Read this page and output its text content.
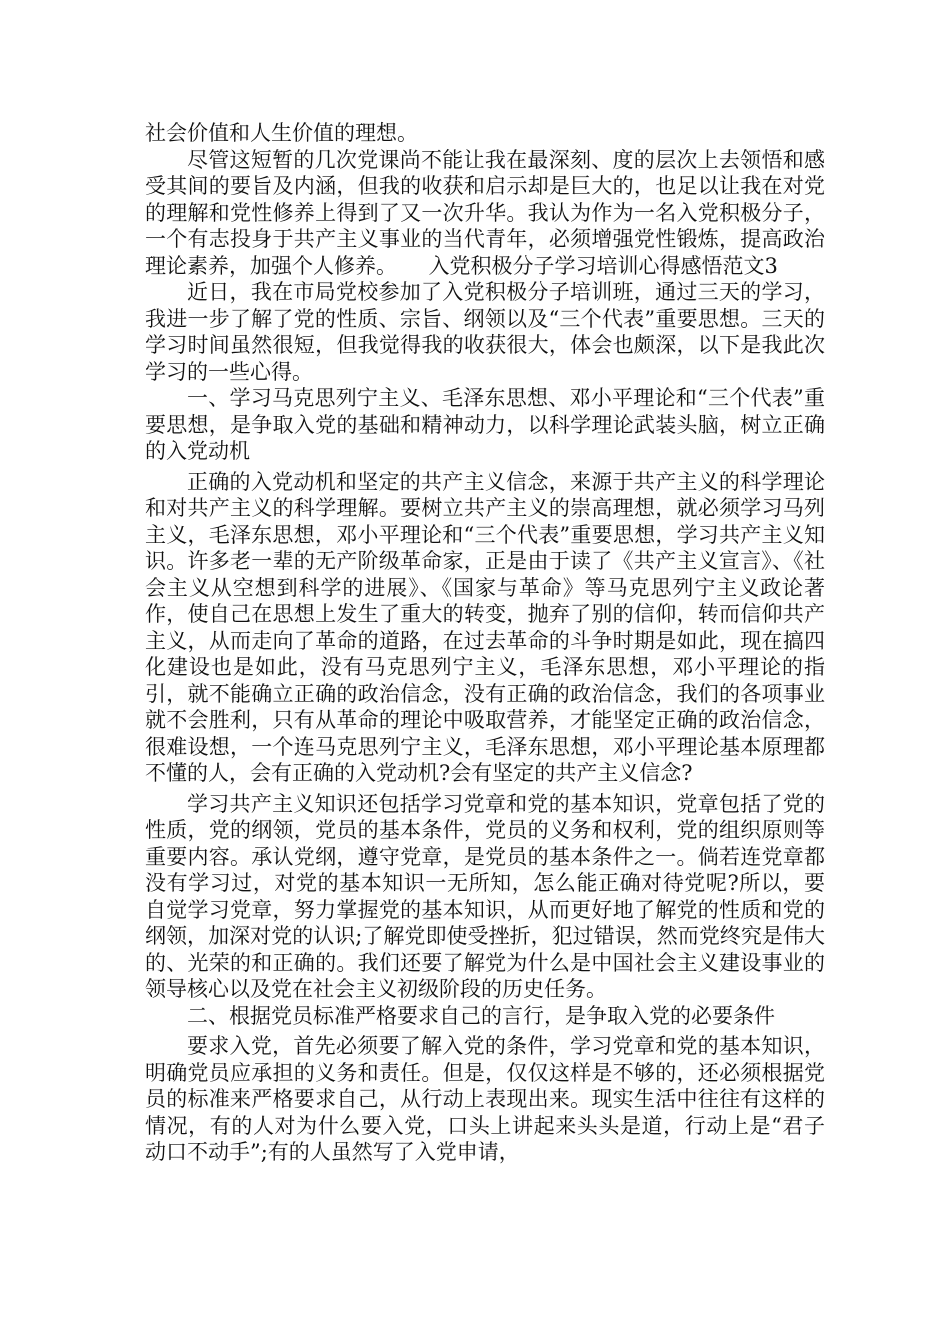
社会价值和人生价值的理想。

尽管这短暂的几次党课尚不能让我在最深刻、度的层次上去领悟和感受其间的要旨及内涵，但我的收获和启示却是巨大的，也足以让我在对党的理解和党性修养上得到了又一次升华。我认为作为一名入党积极分子，一个有志投身于共产主义事业的当代青年，必须增强党性锻炼，提高政治理论素养，加强个人修养。　　入党积极分子学习培训心得感悟范文3

近日，我在市局党校参加了入党积极分子培训班，通过三天的学习，我进一步了解了党的性质、宗旨、纲领以及“三个代表”重要思想。三天的学习时间虽然很短，但我觉得我的收获很大，体会也颇深，以下是我此次学习的一些心得。

一、学习马克思列宁主义、毛泽东思想、邓小平理论和“三个代表”重要思想，是争取入党的基础和精神动力，以科学理论武装头脑，树立正确的入党动机

正确的入党动机和坚定的共产主义信念，来源于共产主义的科学理论和对共产主义的科学理解。要树立共产主义的崇高理想，就必须学习马列主义，毛泽东思想，邓小平理论和“三个代表”重要思想，学习共产主义知识。许多老一辈的无产阶级革命家，正是由于读了《共产主义宣言》、《社会主义从空想到科学的进展》、《国家与革命》等马克思列宁主义政论著作，使自己在思想上发生了重大的转变，抛弃了别的信仰，转而信仰共产主义，从而走向了革命的道路，在过去革命的斗争时期是如此，现在搞四化建设也是如此，没有马克思列宁主义，毛泽东思想，邓小平理论的指引，就不能确立正确的政治信念，没有正确的政治信念，我们的各项事业就不会胜利，只有从革命的理论中吸取营养，才能坚定正确的政治信念，很难设想，一个连马克思列宁主义，毛泽东思想，邓小平理论基本原理都不懂的人，会有正确的入党动机?会有坚定的共产主义信念?

学习共产主义知识还包括学习党章和党的基本知识，党章包括了党的性质，党的纲领，党员的基本条件，党员的义务和权利，党的组织原则等重要内容。承认党纲，遵守党章，是党员的基本条件之一。倘若连党章都没有学习过，对党的基本知识一无所知，怎么能正确对待党呢?所以，要自觉学习党章，努力掌握党的基本知识，从而更好地了解党的性质和党的纲领，加深对党的认识;了解党即使受挫折，犯过错误，然而党终究是伟大的、光荣的和正确的。我们还要了解党为什么是中国社会主义建设事业的领导核心以及党在社会主义初级阶段的历史任务。

二、根据党员标准严格要求自己的言行，是争取入党的必要条件

要求入党，首先必须要了解入党的条件，学习党章和党的基本知识，明确党员应承担的义务和责任。但是，仅仅这样是不够的，还必须根据党员的标准来严格要求自己，从行动上表现出来。现实生活中往往有这样的情况，有的人对为什么要入党，口头上讲起来头头是道，行动上是“君子动口不动手”;有的人虽然写了入党申请，
